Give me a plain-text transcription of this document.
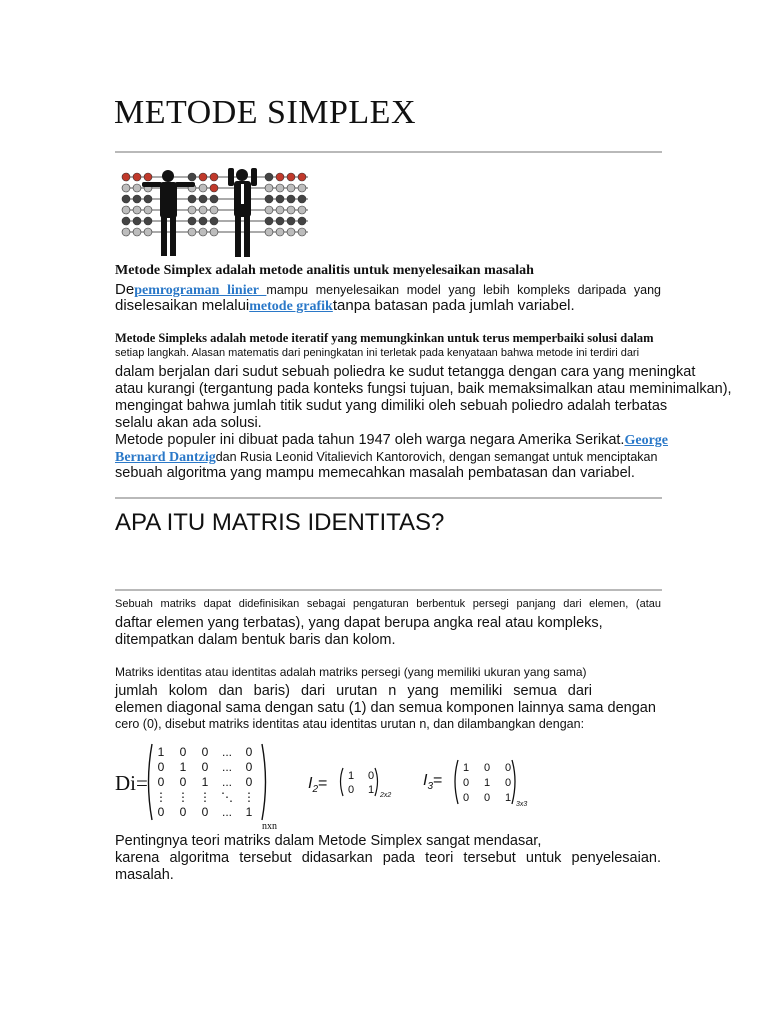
METODE SIMPLEX
Metode Simplex adalah metode analitis untuk menyelesaikan masalah
Depemrograman linier mampu menyelesaikan model yang lebih kompleks daripada yang
diselesaikan melaluimetode grafiktanpa batasan pada jumlah variabel.
Metode Simpleks adalah metode iteratif yang memungkinkan untuk terus memperbaiki solusi dalam
setiap langkah. Alasan matematis dari peningkatan ini terletak pada kenyataan bahwa metode ini terdiri dari
dalam berjalan dari sudut sebuah poliedra ke sudut tetangga dengan cara yang meningkat
atau kurangi (tergantung pada konteks fungsi tujuan, baik memaksimalkan atau meminimalkan),
mengingat bahwa jumlah titik sudut yang dimiliki oleh sebuah poliedro adalah terbatas
selalu akan ada solusi.
Metode populer ini dibuat pada tahun 1947 oleh warga negara Amerika Serikat.George
Bernard Dantzigdan Rusia Leonid Vitalievich Kantorovich, dengan semangat untuk menciptakan
sebuah algoritma yang mampu memecahkan masalah pembatasan dan variabel.
APA ITU MATRIS IDENTITAS?
Sebuah matriks dapat didefinisikan sebagai pengaturan berbentuk persegi panjang dari elemen, (atau
daftar elemen yang terbatas), yang dapat berupa angka real atau kompleks,
ditempatkan dalam bentuk baris dan kolom.
Matriks identitas atau identitas adalah matriks persegi (yang memiliki ukuran yang sama)
jumlah kolom dan baris) dari urutan n yang memiliki semua dari
elemen diagonal sama dengan satu (1) dan semua komponen lainnya sama dengan
cero (0), disebut matriks identitas atau identitas urutan n, dan dilambangkan dengan:
Di=
1 0 0 ... 0
0 1 0 ... 0
0 0 1 ... 0
⋮ ⋮ ⋮ ⋱ ⋮
0 0 0 ... 1
nxn
$I_2= 1$ 0
0 1 2x2
$I_3=$
1 0 0
0 1 0
0 0 1
3x3
Pentingnya teori matriks dalam Metode Simplex sangat mendasar,
karena algoritma tersebut didasarkan pada teori tersebut untuk penyelesaian.
masalah.
